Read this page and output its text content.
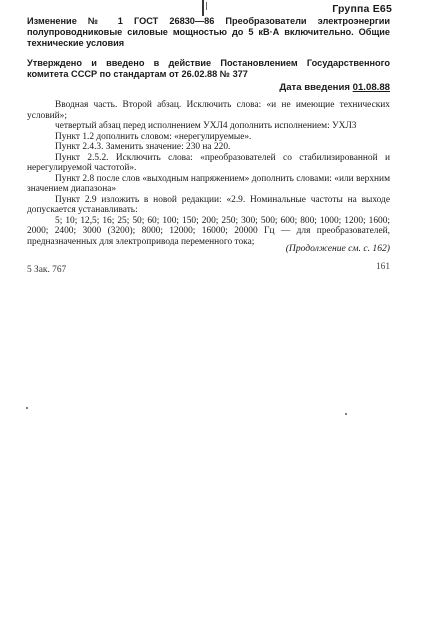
Группа Е65
Изменение № 1 ГОСТ 26830—86 Преобразователи электроэнергии полупроводниковые силовые мощностью до 5 кВ·А включительно. Общие технические условия
Утверждено и введено в действие Постановлением Государственного комитета СССР по стандартам от 26.02.88 № 377
Дата введения 01.08.88

Вводная часть. Второй абзац. Исключить слова: «и не имеющие технических условий»;

четвертый абзац перед исполнением УХЛ4 дополнить исполнением: УХЛ3

Пункт 1.2 дополнить словом: «нерегулируемые».

Пункт 2.4.3. Заменить значение: 230 на 220.

Пункт 2.5.2. Исключить слова: «преобразователей со стабилизированной и нерегулируемой частотой».

Пункт 2.8 после слов «выходным напряжением» дополнить словами: «или верхним значением диапазона»

Пункт 2.9 изложить в новой редакции: «2.9. Номинальные частоты на выходе допускается устанавливать:

5; 10; 12,5; 16; 25; 50; 60; 100; 150; 200; 250; 300; 500; 600; 800; 1000; 1200; 1600; 2000; 2400; 3000 (3200); 8000; 12000; 16000; 20000 Гц — для преобразователей, предназначенных для электропривода переменного тока;

(Продолжение см. с. 162)
5 Зак. 767	161
